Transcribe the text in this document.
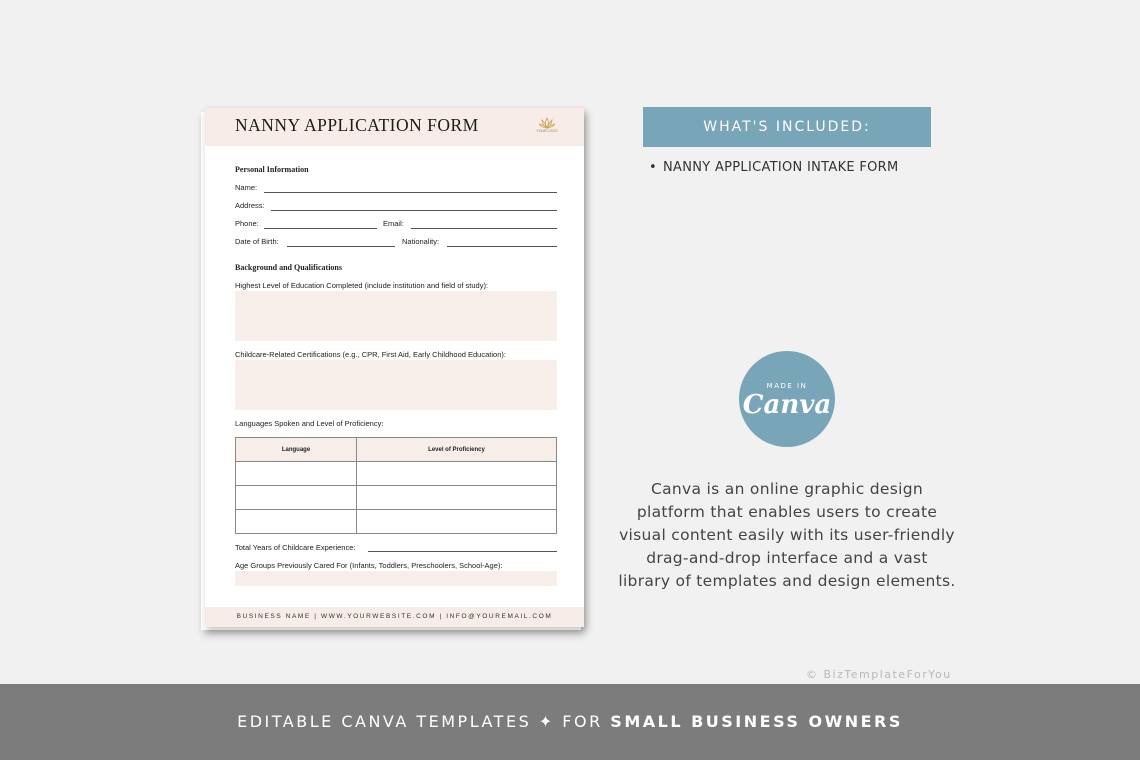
NANNY APPLICATION FORM	YOUR LOGO
Personal Information
Name:
Address:
Phone:	Email:
Date of Birth:	Nationality:
Background and Qualifications
Highest Level of Education Completed (include institution and field of study):
Childcare-Related Certifications (e.g., CPR, First Aid, Early Childhood Education):
Languages Spoken and Level of Proficiency:
Language	Level of Proficiency

Total Years of Childcare Experience:
Age Groups Previously Cared For (Infants, Toddlers, Preschoolers, School-Age):
BUSINESS NAME | WWW.YOURWEBSITE.COM | INFO@YOUREMAIL.COM
WHAT'S INCLUDED:
• NANNY APPLICATION INTAKE FORM
MADE IN
Canva
Canva is an online graphic design platform that enables users to create visual content easily with its user-friendly drag-and-drop interface and a vast library of templates and design elements.
© BizTemplateForYou
EDITABLE CANVA TEMPLATES ✦ FOR SMALL BUSINESS OWNERS
